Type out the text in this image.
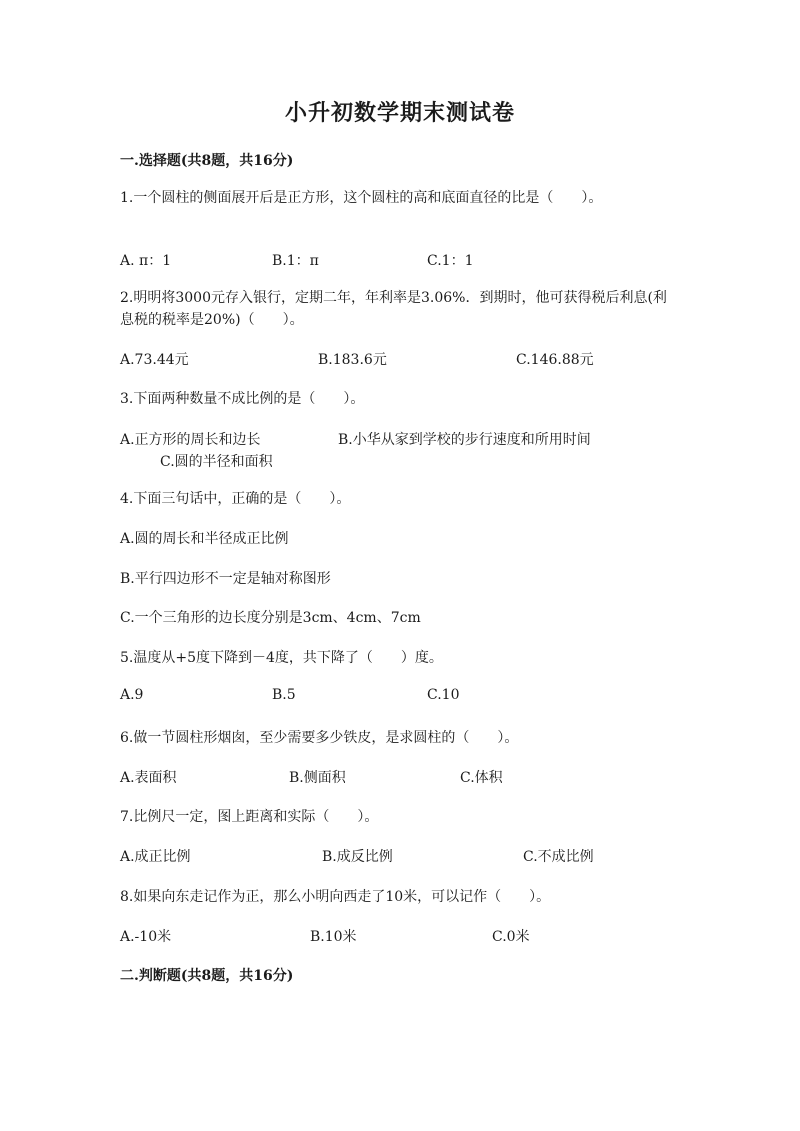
小升初数学期末测试卷
一.选择题(共8题，共16分)
1.一个圆柱的侧面展开后是正方形，这个圆柱的高和底面直径的比是（　　）。
A. π：1	B.1：π	C.1：1
2.明明将3000元存入银行，定期二年，年利率是3.06%．到期时，他可获得税后利息(利息税的税率是20%)（　　）。
A.73.44元	B.183.6元	C.146.88元
3.下面两种数量不成比例的是（　　）。
A.正方形的周长和边长	B.小华从家到学校的步行速度和所用时间
C.圆的半径和面积
4.下面三句话中，正确的是（　　）。
A.圆的周长和半径成正比例
B.平行四边形不一定是轴对称图形
C.一个三角形的边长度分别是3cm、4cm、7cm
5.温度从+5度下降到－4度，共下降了（　　）度。
A.9	B.5	C.10
6.做一节圆柱形烟囱，至少需要多少铁皮，是求圆柱的（　　）。
A.表面积	B.侧面积	C.体积
7.比例尺一定，图上距离和实际（　　）。
A.成正比例	B.成反比例	C.不成比例
8.如果向东走记作为正，那么小明向西走了10米，可以记作（　　）。
A.-10米	B.10米	C.0米
二.判断题(共8题，共16分)
